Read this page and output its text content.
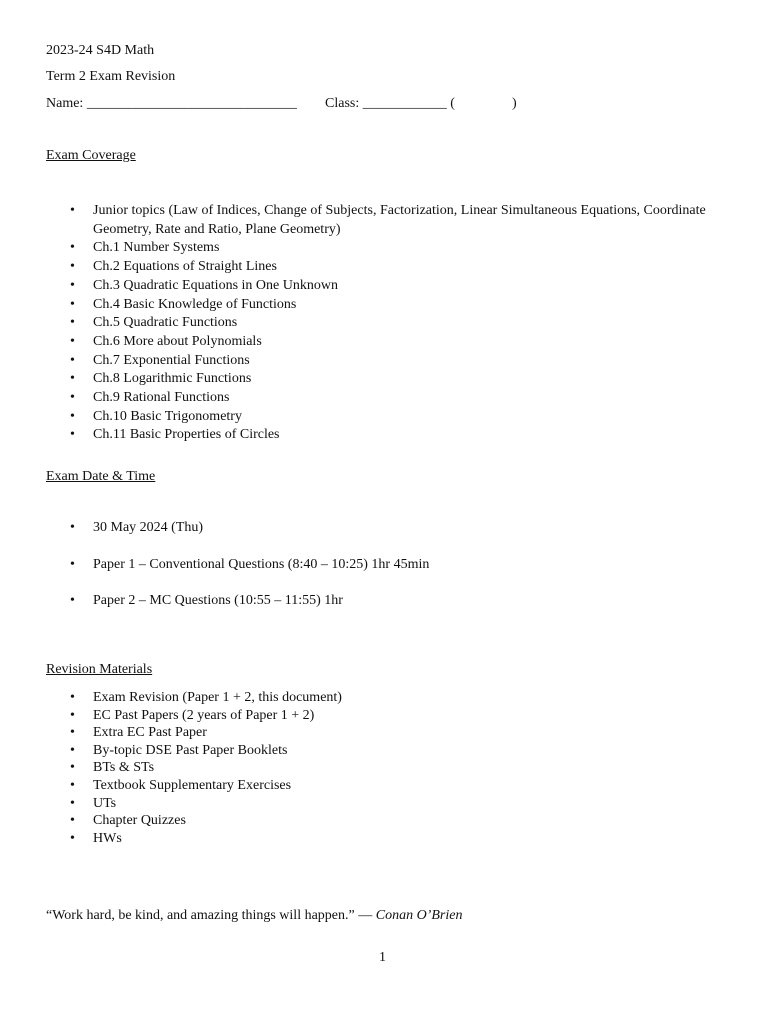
2023-24 S4D Math
Term 2 Exam Revision
Name: ______________________________ Class: ____________ (	)
Exam Coverage
• Junior topics (Law of Indices, Change of Subjects, Factorization, Linear Simultaneous Equations, Coordinate Geometry, Rate and Ratio, Plane Geometry)
• Ch.1 Number Systems
• Ch.2 Equations of Straight Lines
• Ch.3 Quadratic Equations in One Unknown
• Ch.4 Basic Knowledge of Functions
• Ch.5 Quadratic Functions
• Ch.6 More about Polynomials
• Ch.7 Exponential Functions
• Ch.8 Logarithmic Functions
• Ch.9 Rational Functions
• Ch.10 Basic Trigonometry
• Ch.11 Basic Properties of Circles
Exam Date & Time
• 30 May 2024 (Thu)
• Paper 1 – Conventional Questions (8:40 – 10:25) 1hr 45min
• Paper 2 – MC Questions (10:55 – 11:55) 1hr
Revision Materials
• Exam Revision (Paper 1 + 2, this document)
• EC Past Papers (2 years of Paper 1 + 2)
• Extra EC Past Paper
• By-topic DSE Past Paper Booklets
• BTs & STs
• Textbook Supplementary Exercises
• UTs
• Chapter Quizzes
• HWs
“Work hard, be kind, and amazing things will happen.” — Conan O’Brien
1
